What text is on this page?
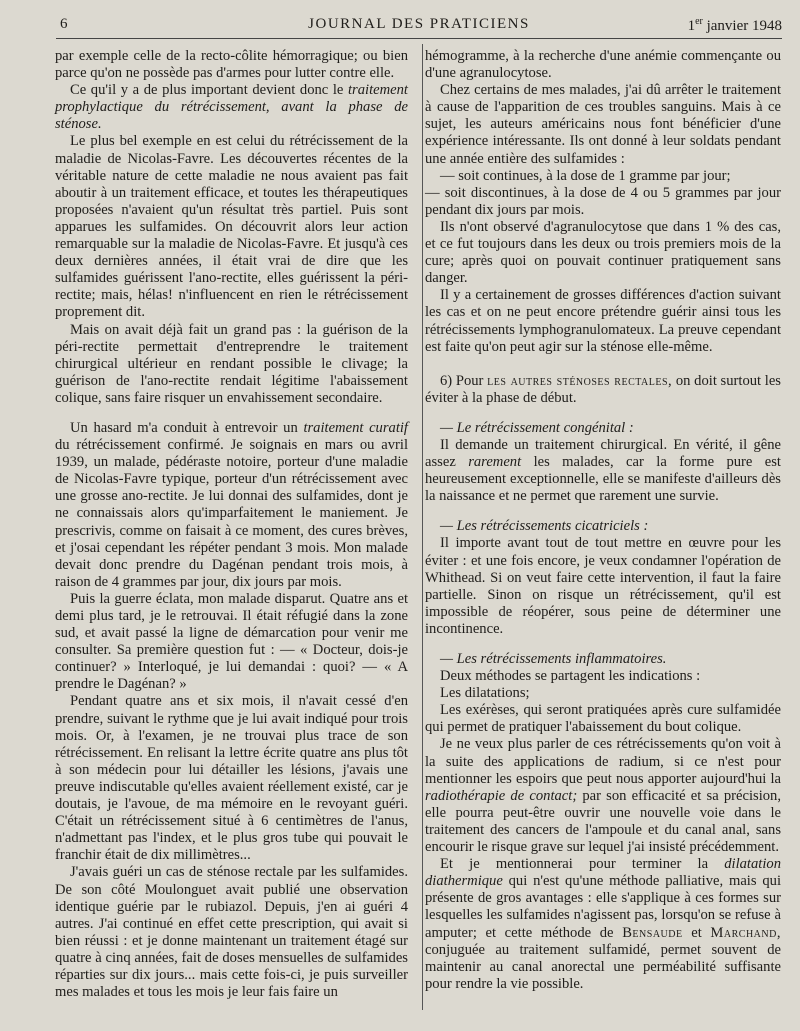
6	JOURNAL DES PRATICIENS	1er janvier 1948

par exemple celle de la recto-côlite hémorragique; ou bien parce qu'on ne possède pas d'armes pour lutter contre elle.

Ce qu'il y a de plus important devient donc le traitement prophylactique du rétrécissement, avant la phase de sténose.

Le plus bel exemple en est celui du rétrécissement de la maladie de Nicolas-Favre. Les découvertes récentes de la véritable nature de cette maladie ne nous avaient pas fait aboutir à un traitement efficace, et toutes les thérapeutiques proposées n'avaient qu'un résultat très partiel. Puis sont apparues les sulfamides. On découvrit alors leur action remarquable sur la maladie de Nicolas-Favre. Et jusqu'à ces deux dernières années, il était vrai de dire que les sulfamides guérissent l'ano-rectite, elles guérissent la péri-rectite; mais, hélas! n'influencent en rien le rétrécissement proprement dit.

Mais on avait déjà fait un grand pas : la guérison de la péri-rectite permettait d'entreprendre le traitement chirurgical ultérieur en rendant possible le clivage; la guérison de l'ano-rectite rendait légitime l'abaissement colique, sans faire risquer un envahissement secondaire.

Un hasard m'a conduit à entrevoir un traitement curatif du rétrécissement confirmé. Je soignais en mars ou avril 1939, un malade, pédéraste notoire, porteur d'une maladie de Nicolas-Favre typique, porteur d'un rétrécissement avec une grosse ano-rectite. Je lui donnai des sulfamides, dont je ne connaissais alors qu'imparfaitement le maniement. Je prescrivis, comme on faisait à ce moment, des cures brèves, et j'osai cependant les répéter pendant 3 mois. Mon malade devait donc prendre du Dagénan pendant trois mois, à raison de 4 grammes par jour, dix jours par mois.

Puis la guerre éclata, mon malade disparut. Quatre ans et demi plus tard, je le retrouvai. Il était réfugié dans la zone sud, et avait passé la ligne de démarcation pour venir me consulter. Sa première question fut : — « Docteur, dois-je continuer? » Interloqué, je lui demandai : quoi? — « A prendre le Dagénan? »

Pendant quatre ans et six mois, il n'avait cessé d'en prendre, suivant le rythme que je lui avait indiqué pour trois mois. Or, à l'examen, je ne trouvai plus trace de son rétrécissement. En relisant la lettre écrite quatre ans plus tôt à son médecin pour lui détailler les lésions, j'avais une preuve indiscutable qu'elles avaient réellement existé, car je doutais, je l'avoue, de ma mémoire en le revoyant guéri. C'était un rétrécissement situé à 6 centimètres de l'anus, n'admettant pas l'index, et le plus gros tube qui pouvait le franchir était de dix millimètres...

J'avais guéri un cas de sténose rectale par les sulfamides. De son côté Moulonguet avait publié une observation identique guérie par le rubiazol. Depuis, j'en ai guéri 4 autres. J'ai continué en effet cette prescription, qui avait si bien réussi : et je donne maintenant un traitement étagé sur quatre à cinq années, fait de doses mensuelles de sulfamides réparties sur dix jours... mais cette fois-ci, je puis surveiller mes malades et tous les mois je leur fais faire un

hémogramme, à la recherche d'une anémie commençante ou d'une agranulocytose.

Chez certains de mes malades, j'ai dû arrêter le traitement à cause de l'apparition de ces troubles sanguins. Mais à ce sujet, les auteurs américains nous font bénéficier d'une expérience intéressante. Ils ont donné à leur soldats pendant une année entière des sulfamides :

— soit continues, à la dose de 1 gramme par jour;

— soit discontinues, à la dose de 4 ou 5 grammes par jour pendant dix jours par mois.

Ils n'ont observé d'agranulocytose que dans 1 % des cas, et ce fut toujours dans les deux ou trois premiers mois de la cure; après quoi on pouvait continuer pratiquement sans danger.

Il y a certainement de grosses différences d'action suivant les cas et on ne peut encore prétendre guérir ainsi tous les rétrécissements lymphogranulomateux. La preuve cependant est faite qu'on peut agir sur la sténose elle-même.

6) Pour les autres sténoses rectales, on doit surtout les éviter à la phase de début.

— Le rétrécissement congénital :

Il demande un traitement chirurgical. En vérité, il gêne assez rarement les malades, car la forme pure est heureusement exceptionnelle, elle se manifeste d'ailleurs dès la naissance et ne permet que rarement une survie.

— Les rétrécissements cicatriciels :

Il importe avant tout de tout mettre en œuvre pour les éviter : et une fois encore, je veux condamner l'opération de Whithead. Si on veut faire cette intervention, il faut la faire partielle. Sinon on risque un rétrécissement, qu'il est impossible de réopérer, sous peine de déterminer une incontinence.

— Les rétrécissements inflammatoires.

Deux méthodes se partagent les indications :

Les dilatations;

Les exérèses, qui seront pratiquées après cure sulfamidée qui permet de pratiquer l'abaissement du bout colique.

Je ne veux plus parler de ces rétrécissements qu'on voit à la suite des applications de radium, si ce n'est pour mentionner les espoirs que peut nous apporter aujourd'hui la radiothérapie de contact; par son efficacité et sa précision, elle pourra peut-être ouvrir une nouvelle voie dans le traitement des cancers de l'ampoule et du canal anal, sans encourir le risque grave sur lequel j'ai insisté précédemment.

Et je mentionnerai pour terminer la dilatation diathermique qui n'est qu'une méthode palliative, mais qui présente de gros avantages : elle s'applique à ces formes sur lesquelles les sulfamides n'agissent pas, lorsqu'on se refuse à amputer; et cette méthode de Bensaude et Marchand, conjuguée au traitement sulfamidé, permet souvent de maintenir au canal anorectal une perméabilité suffisante pour rendre la vie possible.
